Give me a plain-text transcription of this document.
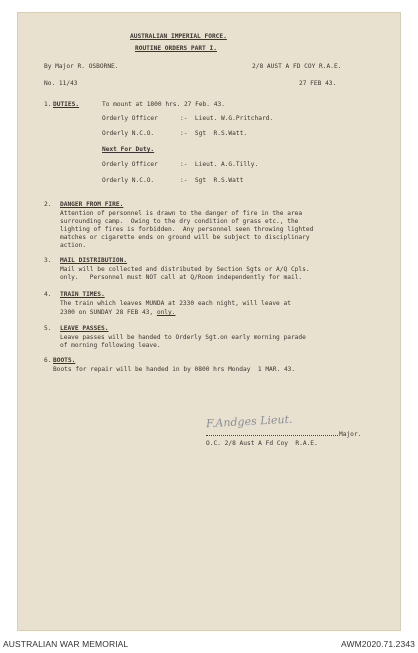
AUSTRALIAN IMPERIAL FORCE.
ROUTINE ORDERS PART I.
By Major R. OSBORNE.	2/8 AUST A FD COY R.A.E.
No. 11/43	27 FEB 43.
1. DUTIES.	To mount at 1800 hrs. 27 Feb. 43.
Orderly Officer	:-  Lieut. W.G.Pritchard.
Orderly N.C.O.	:-  Sgt  R.S.Watt.
Next For Duty.
Orderly Officer	:-  Lieut. A.G.Tilly.
Orderly N.C.O.	:-  Sgt  R.S.Watt
2. DANGER FROM FIRE.
Attention of personnel is drawn to the danger of fire in the area
surrounding camp.  Owing to the dry condition of grass etc., the
lighting of fires is forbidden.  Any personnel seen throwing lighted
matches or cigarette ends on ground will be subject to disciplinary
action.
3. MAIL DISTRIBUTION.
Mail will be collected and distributed by Section Sgts or A/Q Cpls.
only.   Personnel must NOT call at Q/Room independently for mail.
4. TRAIN TIMES.
The train which leaves MUNDA at 2330 each night, will leave at
2300 on SUNDAY 28 FEB 43, only.
5. LEAVE PASSES.
Leave passes will be handed to Orderly Sgt.on early morning parade
of morning following leave.
6. BOOTS.
Boots for repair will be handed in by 0800 hrs Monday  1 MAR. 43.
F.Andges Lieut.
Major.
O.C. 2/8 Aust A Fd Coy  R.A.E.
AUSTRALIAN WAR MEMORIAL	AWM2020.71.2343
